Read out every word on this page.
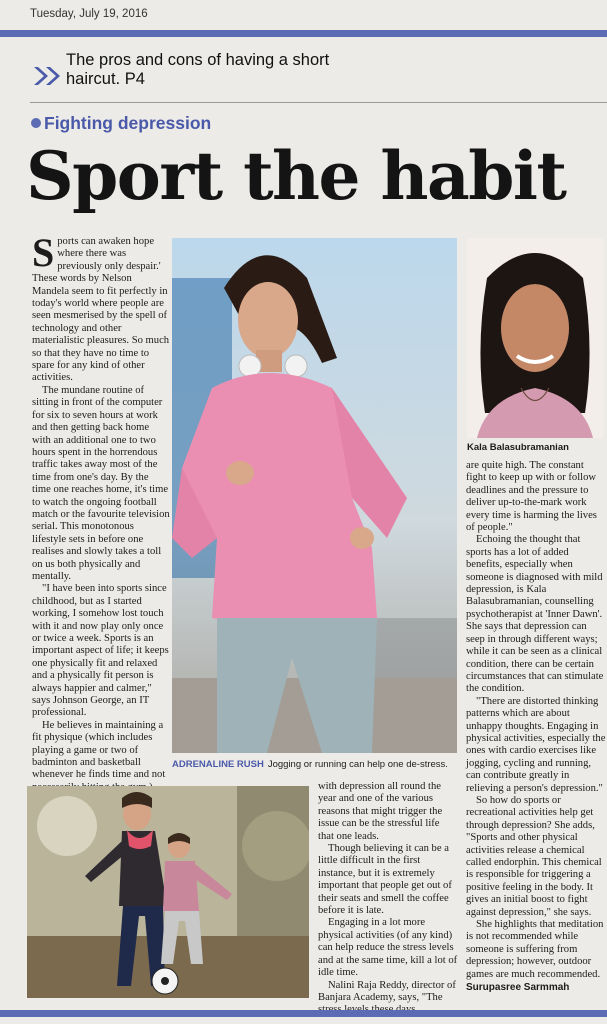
Tuesday, July 19, 2016
The pros and cons of having a short haircut. P4
Fighting depression
Sport the habit

Sports can awaken hope where there was previously only despair.' These words by Nelson Mandela seem to fit perfectly in today's world where people are seen mesmerised by the spell of technology and other materialistic pleasures. So much so that they have no time to spare for any kind of other activities.

The mundane routine of sitting in front of the computer for six to seven hours at work and then getting back home with an additional one to two hours spent in the horrendous traffic takes away most of the time from one's day. By the time one reaches home, it's time to watch the ongoing football match or the favourite television serial. This monotonous lifestyle sets in before one realises and slowly takes a toll on us both physically and mentally.

"I have been into sports since childhood, but as I started working, I somehow lost touch with it and now play only once or twice a week. Sports is an important aspect of life; it keeps one physically fit and relaxed and a physically fit person is always happier and calmer," says Johnson George, an IT professional.

He believes in maintaining a fit physique (which includes playing a game or two of badminton and basketball whenever he finds time and not

ADRENALINE RUSH Jogging or running can help one de-stress.
Kala Balasubramanian

are quite high. The constant fight to keep up with or follow deadlines and the pressure to deliver up-to-the-mark work every time is harming the lives of people."

Echoing the thought that sports has a lot of added benefits, especially when someone is diagnosed with mild depression, is Kala Balasubramanian, counselling psychotherapist at 'Inner Dawn'. She says that depression can seep in through different ways; while it can be seen as a clinical condition, there can be certain circumstances that can stimulate the condition.

"There are distorted thinking patterns which are about unhappy thoughts. Engaging in physical activities, especially the ones with cardio exercises like jogging, cycling and running, can contribute greatly in relieving a person's depression."

So how do sports or recreational activities help get through depression? She adds, "Sports and other physical activities release a chemical called endorphin. This chemical is responsible for triggering a positive feeling in the body. It gives an initial boost to fight against depression," she says.

She highlights that meditation is not recommended while someone is suffering from depression; however, outdoor games are much recommended.

Surupasree Sarmmah

with depression all round the year and one of the various reasons that might trigger the issue can be the stressful life that one leads.

Though believing it can be a little difficult in the first instance, but it is extremely important that people get out of their seats and smell the coffee before it is late.

Engaging in a lot more physical activities (of any kind) can help reduce the stress levels and at the same time, kill a lot of idle time.

Nalini Raja Reddy, director of Banjara Academy, says, "The
